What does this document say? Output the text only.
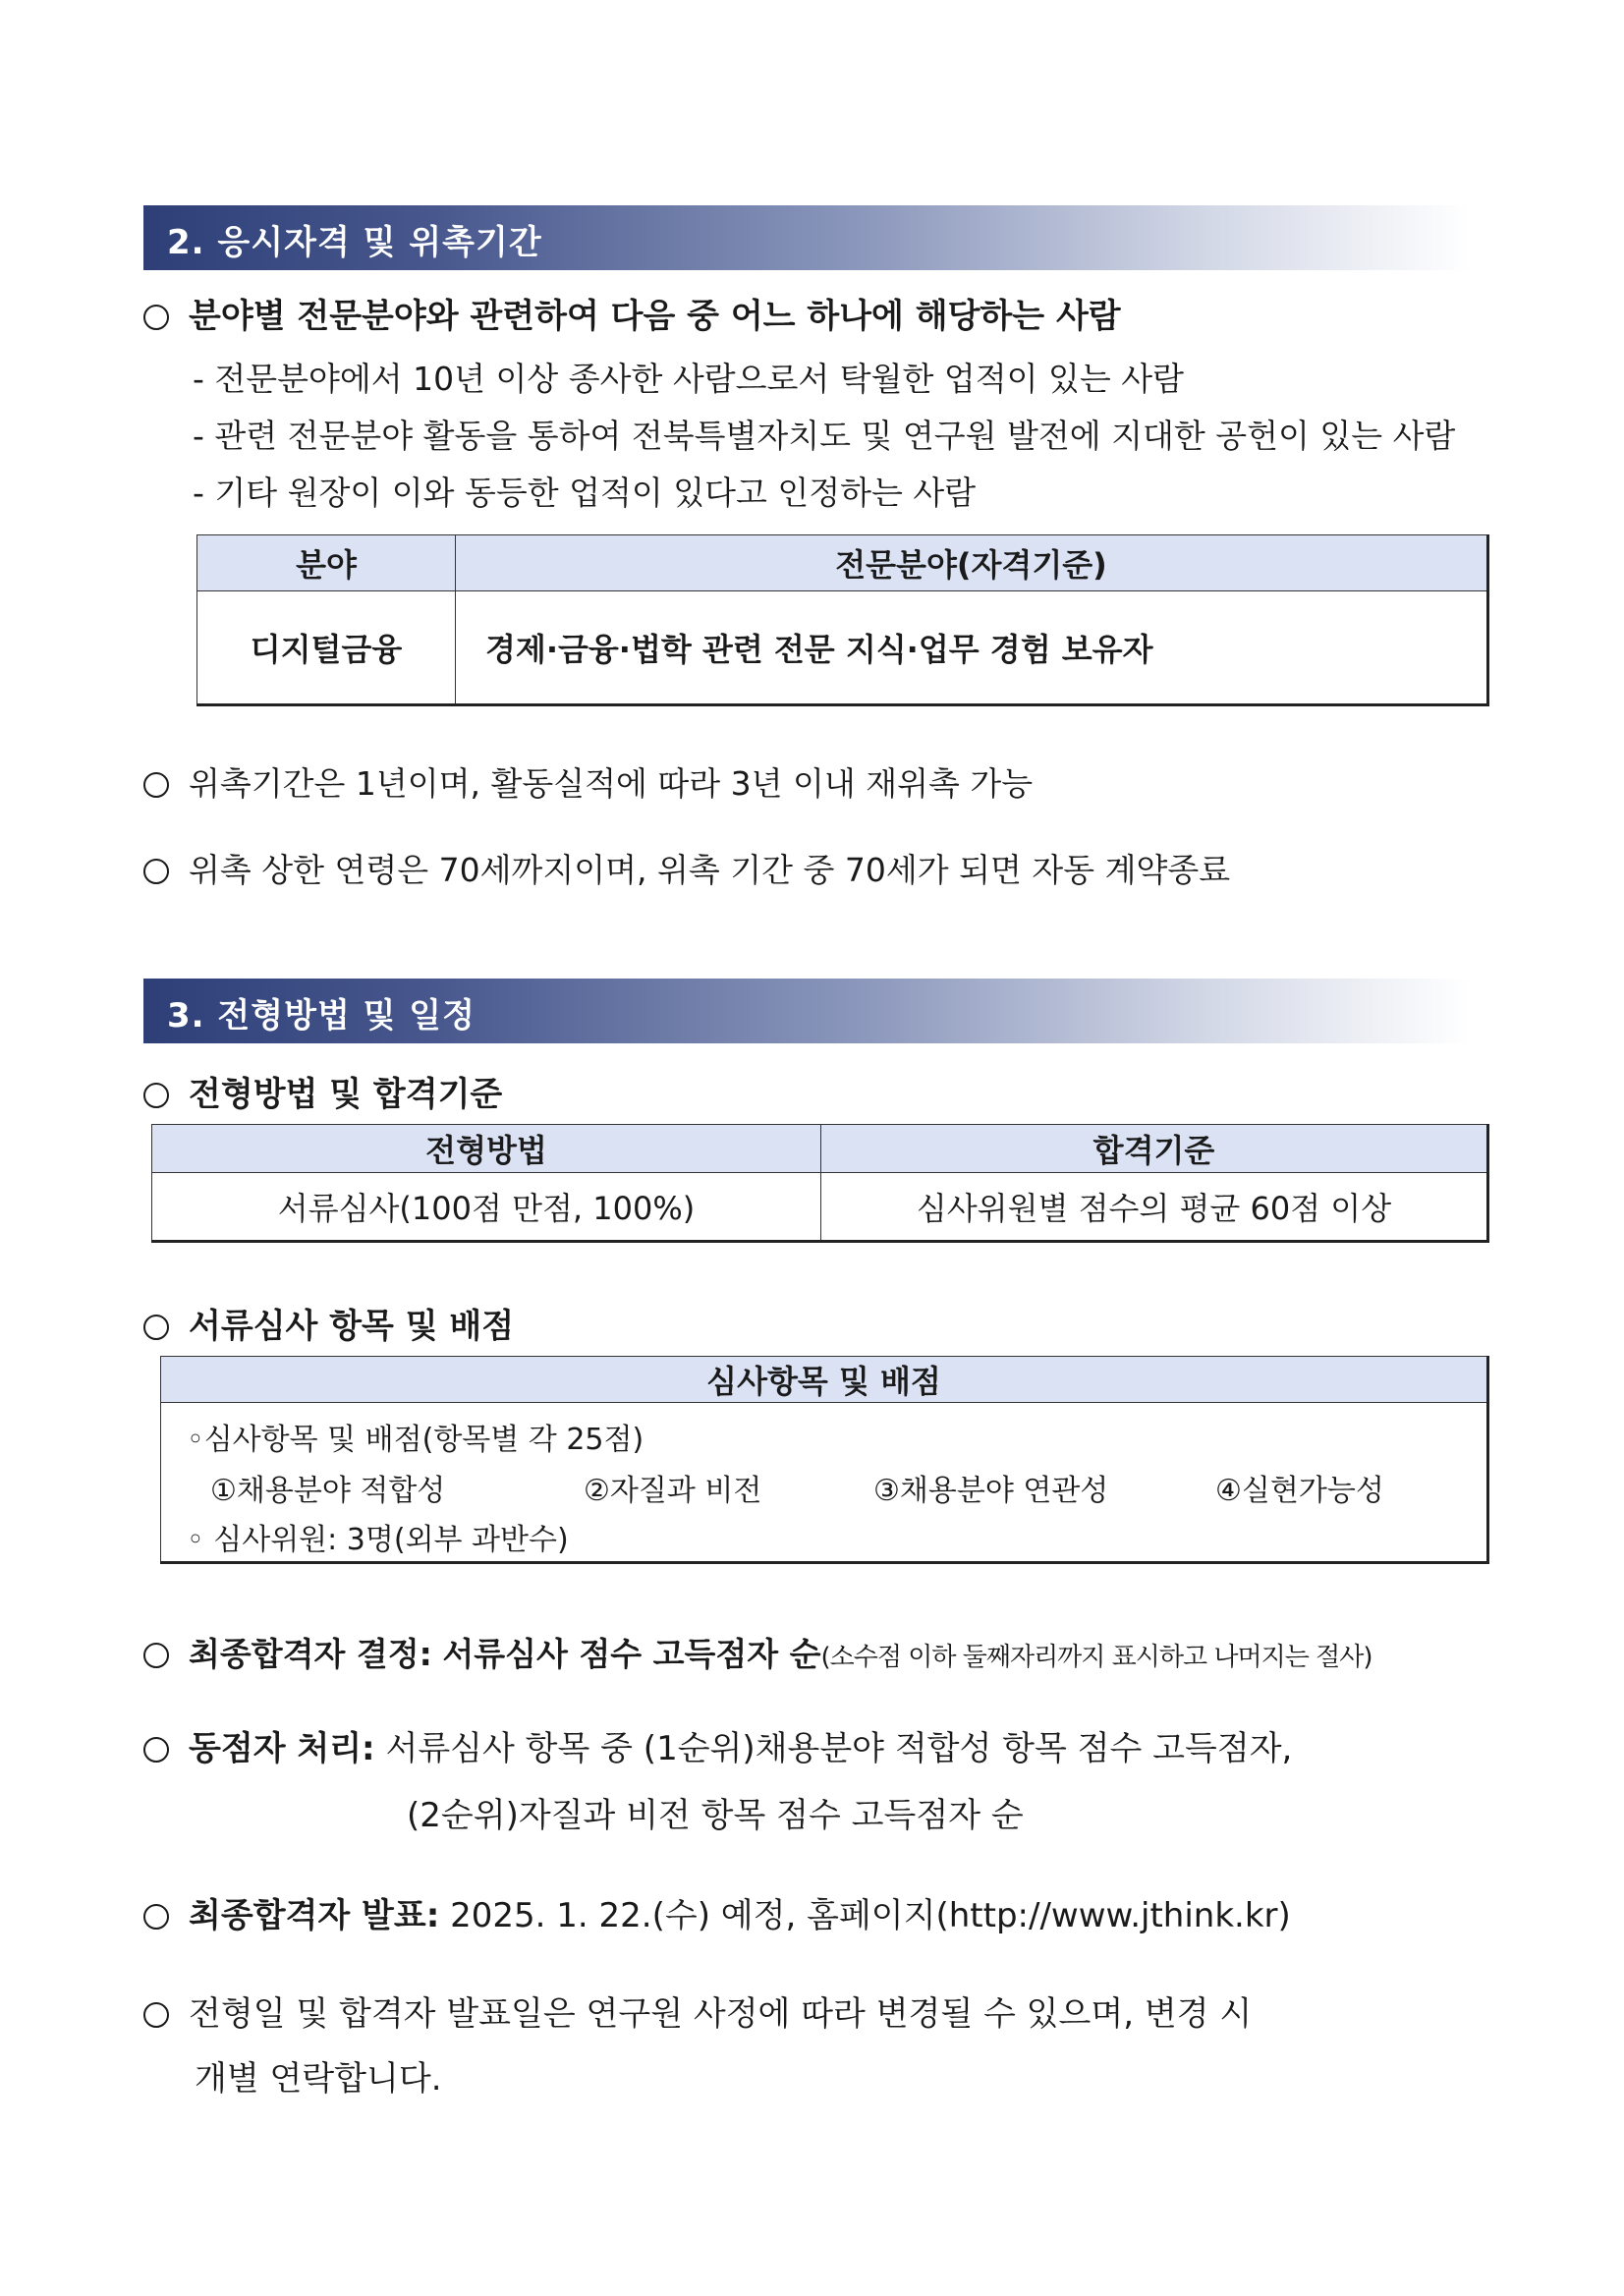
2. 응시자격 및 위촉기간
분야별 전문분야와 관련하여 다음 중 어느 하나에 해당하는 사람
- 전문분야에서 10년 이상 종사한 사람으로서 탁월한 업적이 있는 사람
- 관련 전문분야 활동을 통하여 전북특별자치도 및 연구원 발전에 지대한 공헌이 있는 사람
- 기타 원장이 이와 동등한 업적이 있다고 인정하는 사람
분야	전문분야(자격기준)
디지털금융	경제·금융·법학 관련 전문 지식·업무 경험 보유자
위촉기간은 1년이며, 활동실적에 따라 3년 이내 재위촉 가능
위촉 상한 연령은 70세까지이며, 위촉 기간 중 70세가 되면 자동 계약종료
3. 전형방법 및 일정
전형방법 및 합격기준
전형방법	합격기준
서류심사(100점 만점, 100%)	심사위원별 점수의 평균 60점 이상
서류심사 항목 및 배점
심사항목 및 배점

◦심사항목 및 배점(항목별 각 25점)
①채용분야 적합성	②자질과 비전	③채용분야 연관성	④실현가능성
◦ 심사위원: 3명(외부 과반수)
최종합격자 결정: 서류심사 점수 고득점자 순(소수점 이하 둘째자리까지 표시하고 나머지는 절사)
동점자 처리: 서류심사 항목 중 (1순위)채용분야 적합성 항목 점수 고득점자,
(2순위)자질과 비전 항목 점수 고득점자 순
최종합격자 발표: 2025. 1. 22.(수) 예정, 홈페이지(http://www.jthink.kr)
전형일 및 합격자 발표일은 연구원 사정에 따라 변경될 수 있으며, 변경 시
개별 연락합니다.
